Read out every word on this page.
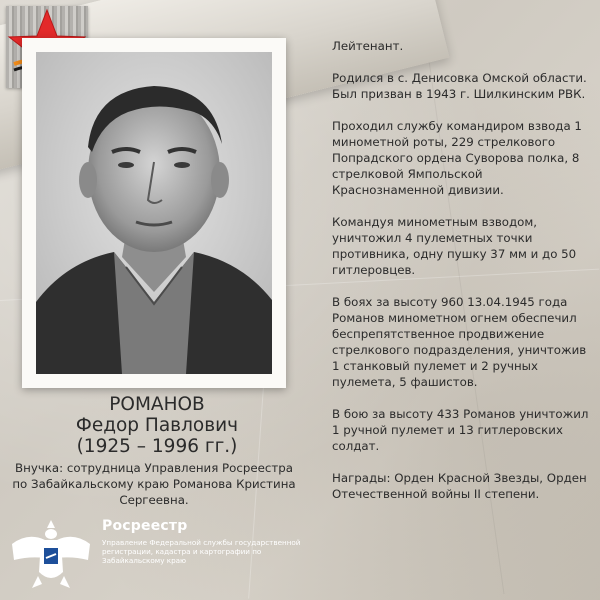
РОМАНОВ
Федор Павлович
(1925 – 1996 гг.)
Внучка: сотрудница Управления Росреестра по Забайкальскому краю Романова Кристина Сергеевна.
Росреестр
Управление Федеральной службы государственной регистрации, кадастра и картографии по Забайкальскому краю

Лейтенант.

Родился в с. Денисовка Омской области. Был призван в 1943 г. Шилкинским РВК.

Проходил службу командиром взвода 1 минометной роты, 229 стрелкового Попрадского ордена Суворова полка, 8 стрелковой Ямпольской Краснознаменной дивизии.

Командуя минометным взводом, уничтожил 4 пулеметных точки противника, одну пушку 37 мм и до 50 гитлеровцев.

В боях за высоту 960 13.04.1945 года Романов минометном огнем обеспечил беспрепятственное продвижение стрелкового подразделения, уничтожив 1 станковый пулемет и 2 ручных пулемета, 5 фашистов.

В бою за высоту 433 Романов уничтожил 1 ручной пулемет и 13 гитлеровских солдат.

Награды: Орден Красной Звезды, Орден Отечественной войны II степени.
